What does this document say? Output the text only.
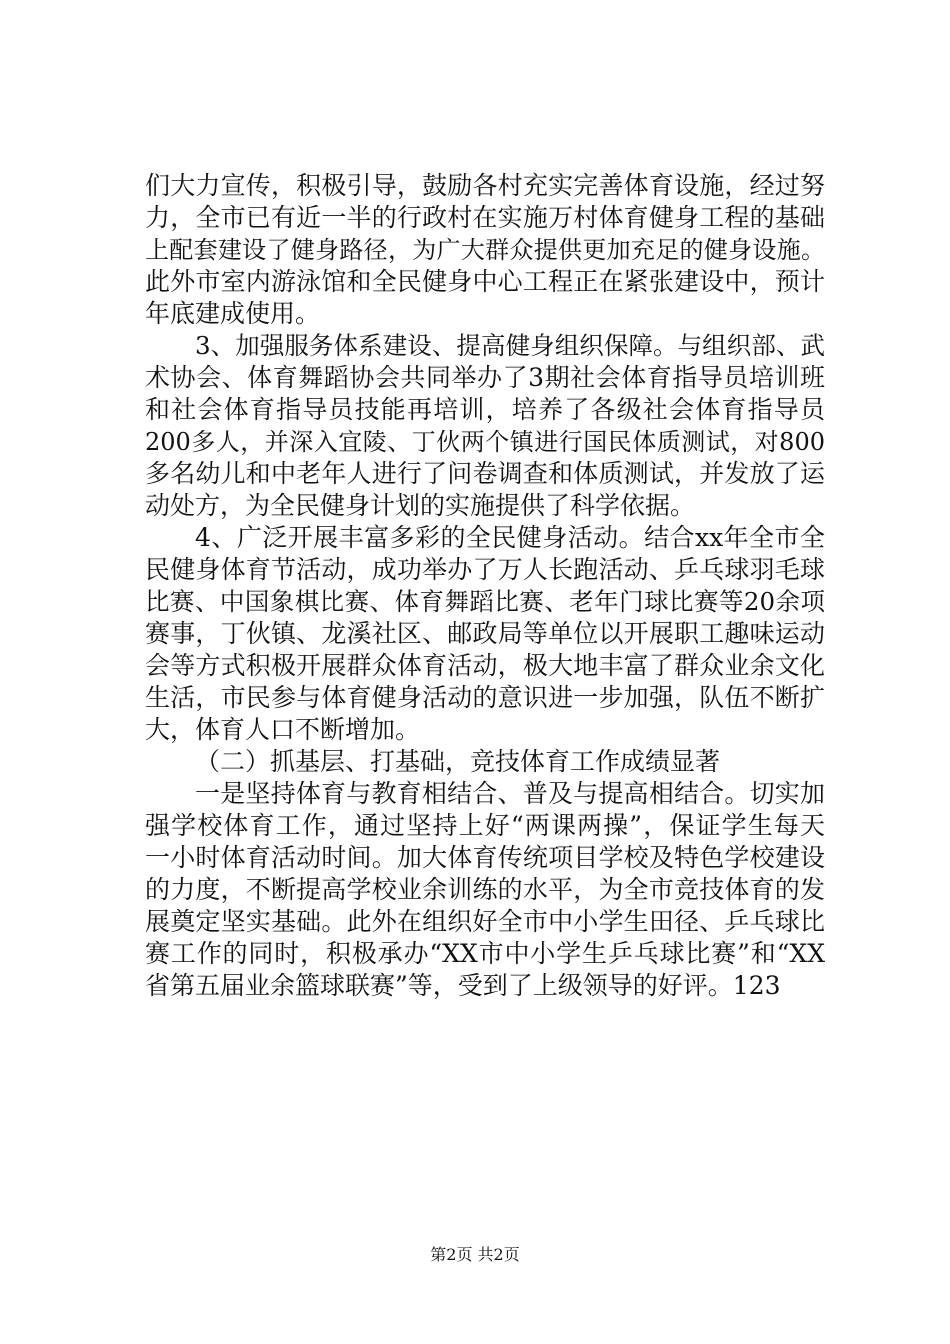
们大力宣传，积极引导，鼓励各村充实完善体育设施，经过努
力，全市已有近一半的行政村在实施万村体育健身工程的基础
上配套建设了健身路径，为广大群众提供更加充足的健身设施。
此外市室内游泳馆和全民健身中心工程正在紧张建设中，预计
年底建成使用。
3、加强服务体系建设、提高健身组织保障。与组织部、武
术协会、体育舞蹈协会共同举办了3期社会体育指导员培训班
和社会体育指导员技能再培训，培养了各级社会体育指导员
200多人，并深入宜陵、丁伙两个镇进行国民体质测试，对800
多名幼儿和中老年人进行了问卷调查和体质测试，并发放了运
动处方，为全民健身计划的实施提供了科学依据。
4、广泛开展丰富多彩的全民健身活动。结合xx年全市全
民健身体育节活动，成功举办了万人长跑活动、乒乓球羽毛球
比赛、中国象棋比赛、体育舞蹈比赛、老年门球比赛等20余项
赛事，丁伙镇、龙溪社区、邮政局等单位以开展职工趣味运动
会等方式积极开展群众体育活动，极大地丰富了群众业余文化
生活，市民参与体育健身活动的意识进一步加强，队伍不断扩
大，体育人口不断增加。
（二）抓基层、打基础，竞技体育工作成绩显著
一是坚持体育与教育相结合、普及与提高相结合。切实加
强学校体育工作，通过坚持上好“两课两操”，保证学生每天
一小时体育活动时间。加大体育传统项目学校及特色学校建设
的力度，不断提高学校业余训练的水平，为全市竞技体育的发
展奠定坚实基础。此外在组织好全市中小学生田径、乒乓球比
赛工作的同时，积极承办“XX市中小学生乒乓球比赛”和“XX
省第五届业余篮球联赛”等，受到了上级领导的好评。123
第2页 共2页
